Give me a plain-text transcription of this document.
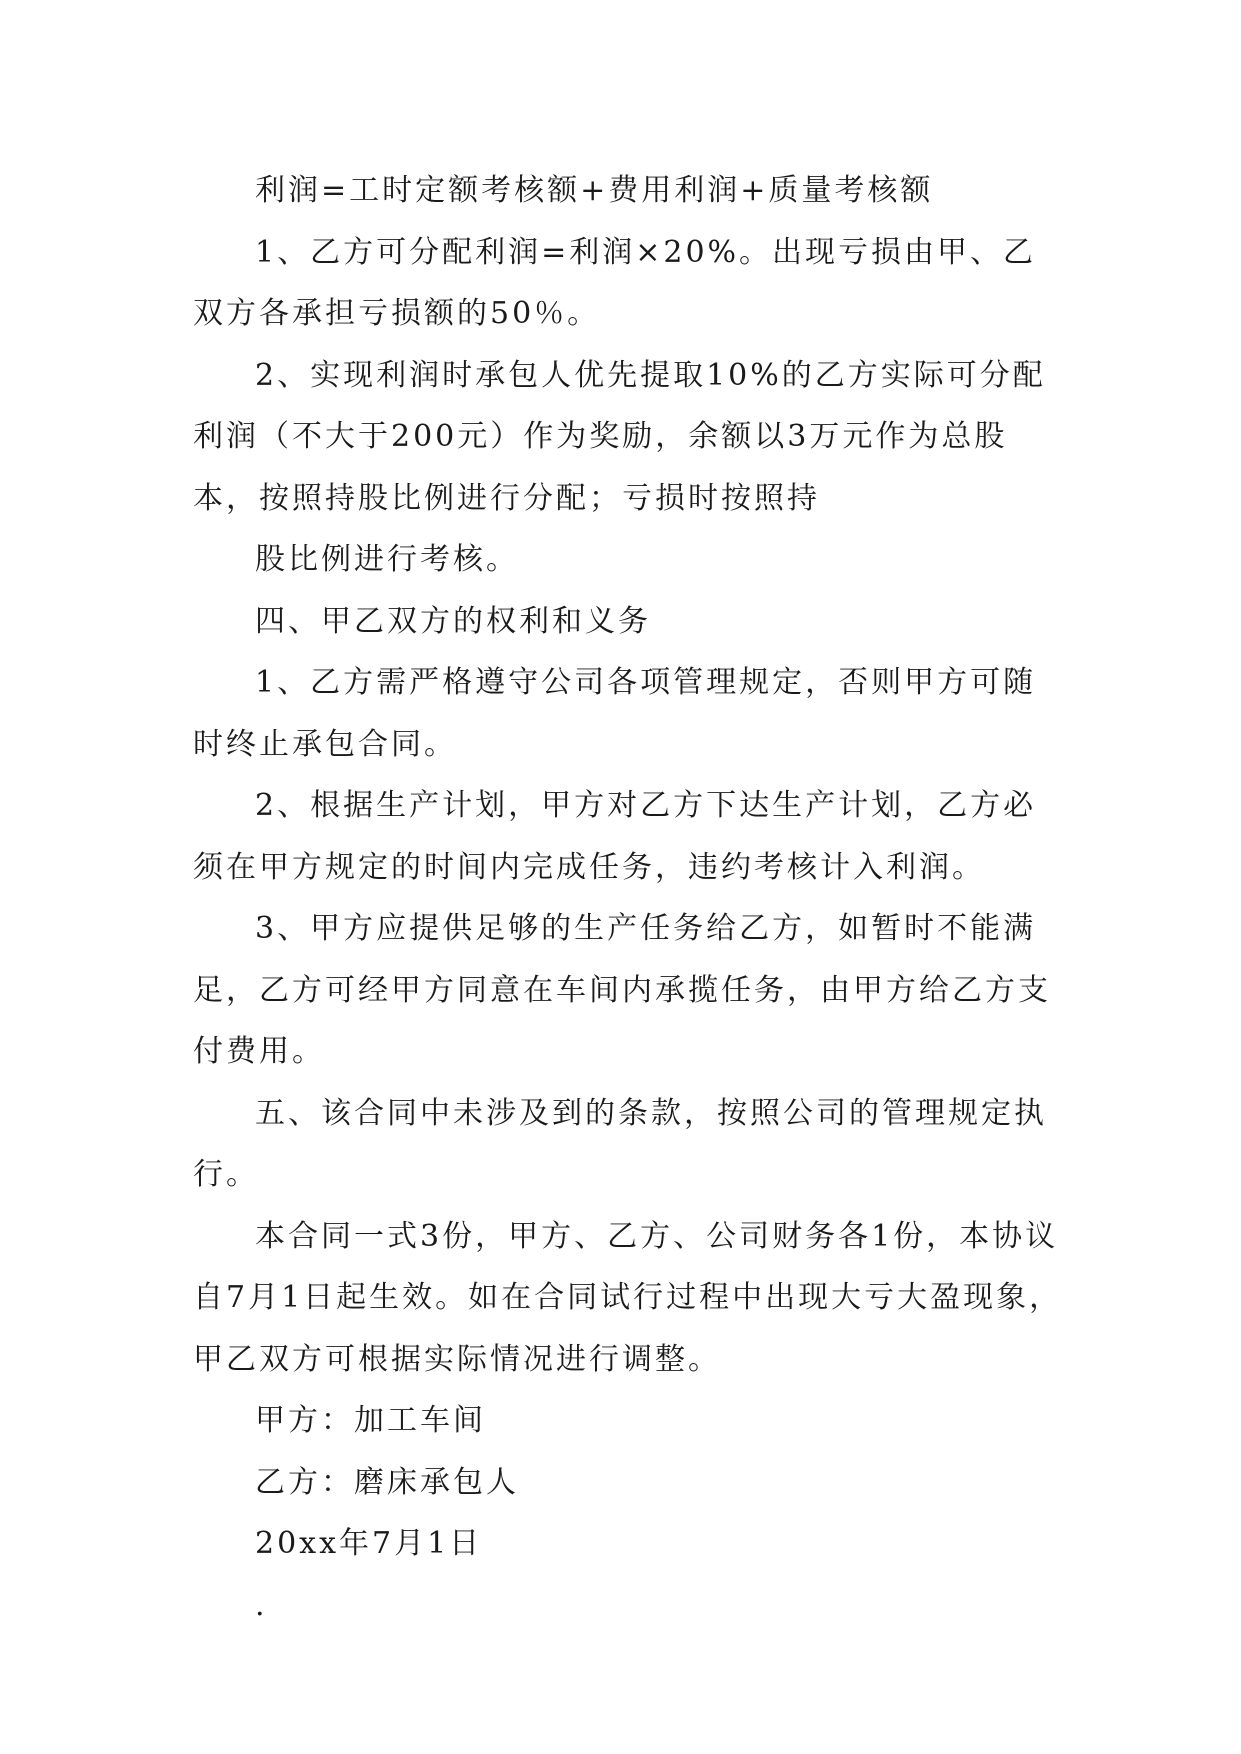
利润=工时定额考核额+费用利润+质量考核额

1、乙方可分配利润=利润×20%。出现亏损由甲、乙双方各承担亏损额的50％。

2、实现利润时承包人优先提取10%的乙方实际可分配利润（不大于200元）作为奖励，余额以3万元作为总股本，按照持股比例进行分配；亏损时按照持

股比例进行考核。

四、甲乙双方的权利和义务

1、乙方需严格遵守公司各项管理规定，否则甲方可随时终止承包合同。

2、根据生产计划，甲方对乙方下达生产计划，乙方必须在甲方规定的时间内完成任务，违约考核计入利润。

3、甲方应提供足够的生产任务给乙方，如暂时不能满足，乙方可经甲方同意在车间内承揽任务，由甲方给乙方支付费用。

五、该合同中未涉及到的条款，按照公司的管理规定执行。

本合同一式3份，甲方、乙方、公司财务各1份，本协议自7月1日起生效。如在合同试行过程中出现大亏大盈现象，甲乙双方可根据实际情况进行调整。

甲方：加工车间

乙方：磨床承包人

20xx年7月1日

.
